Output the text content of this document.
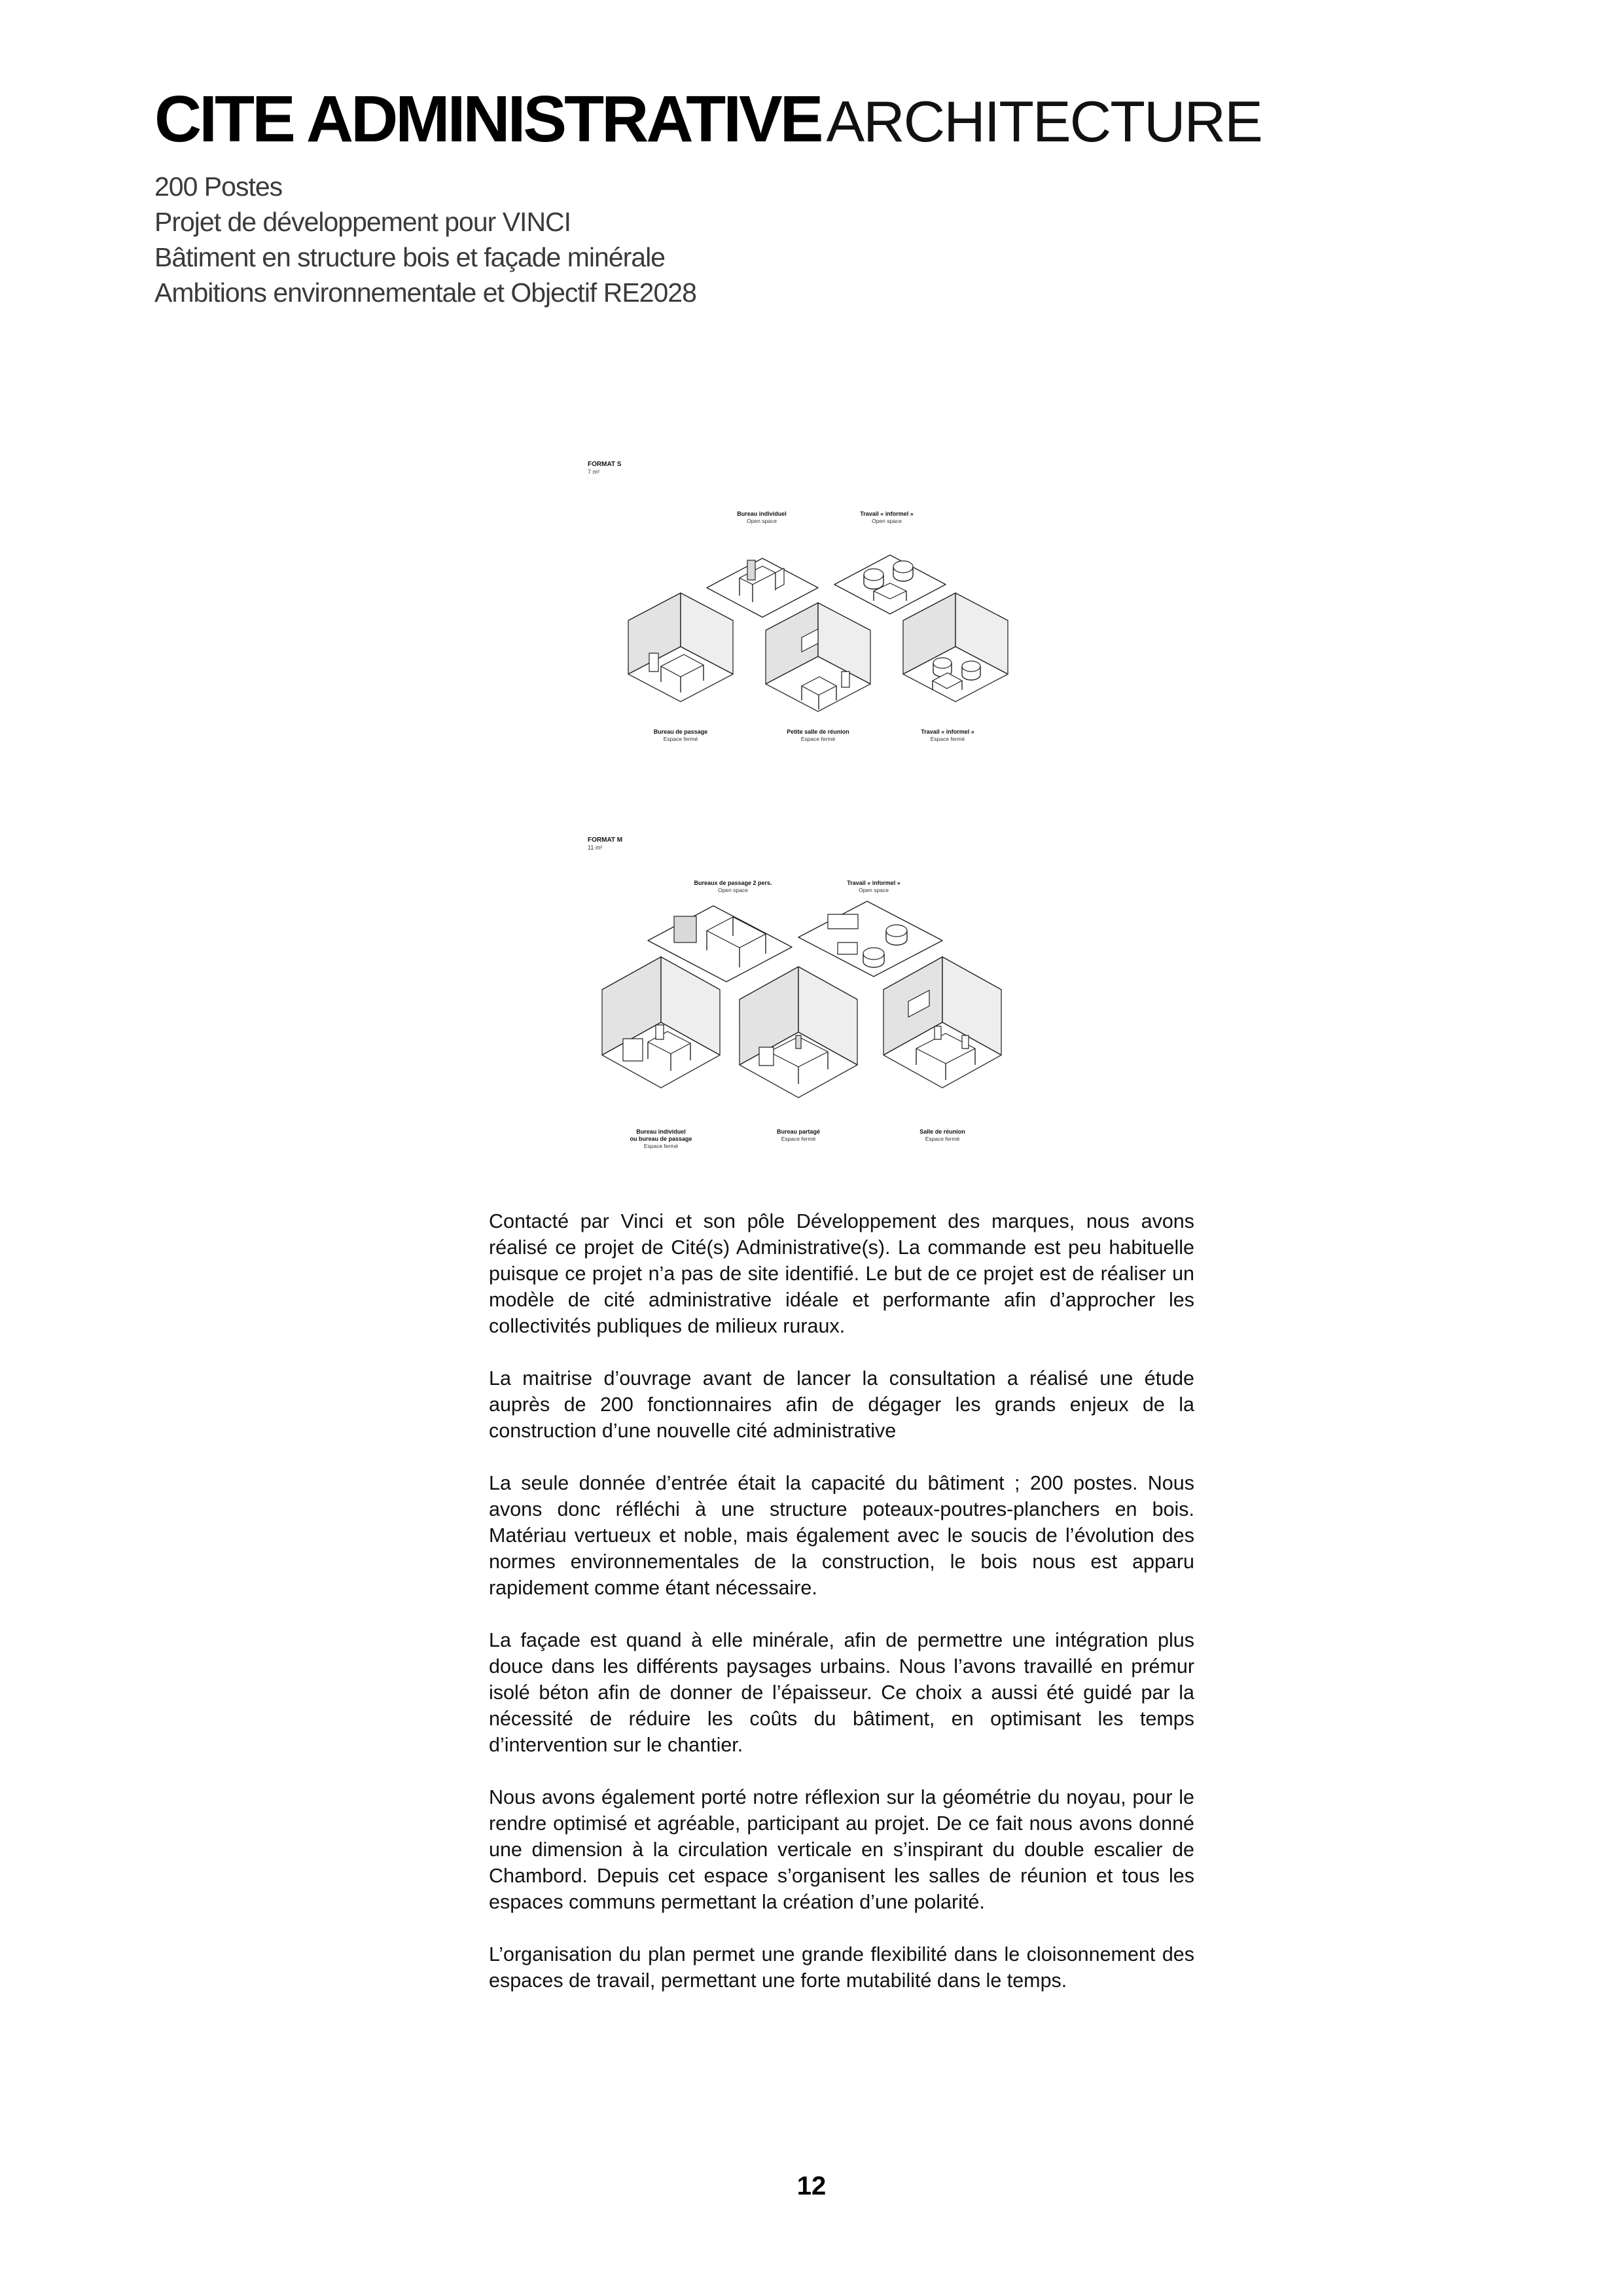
CITE ADMINISTRATIVEARCHITECTURE
200 Postes
Projet de développement pour VINCI
Bâtiment en structure bois et façade minérale
Ambitions environnementale et Objectif RE2028
FORMAT S
7 m²
Bureau individuel
Open space
Travail « informel »
Open space
Bureau de passage
Espace fermé
Petite salle de réunion
Espace fermé
Travail « informel »
Espace fermé
FORMAT M
11 m²
Bureaux de passage 2 pers.
Open space
Travail « informel »
Open space
Bureau individuel
ou bureau de passage
Espace fermé
Bureau partagé
Espace fermé
Salle de réunion
Espace fermé

Contacté par Vinci et son pôle Développement des marques, nous avons réalisé ce projet de Cité(s) Administrative(s). La commande est peu habituelle puisque ce projet n’a pas de site identifié. Le but de ce projet est de réaliser un modèle de cité administrative idéale et performante afin d’approcher les collectivités publiques de milieux ruraux.

La maitrise d’ouvrage avant de lancer la consultation a réalisé une étude auprès de 200 fonctionnaires afin de dégager les grands enjeux de la construction d’une nouvelle cité administrative

La seule donnée d’entrée était la capacité du bâtiment ; 200 postes. Nous avons donc réfléchi à une structure poteaux-poutres-planchers en bois. Matériau vertueux et noble, mais également avec le soucis de l’évolution des normes environnementales de la construction, le bois nous est apparu rapidement comme étant nécessaire.

La façade est quand à elle minérale, afin de permettre une intégration plus douce dans les différents paysages urbains. Nous l’avons travaillé en prémur isolé béton afin de donner de l’épaisseur. Ce choix a aussi été guidé par la nécessité de réduire les coûts du bâtiment, en optimisant les temps d’intervention sur le chantier.

Nous avons également porté notre réflexion sur la géométrie du noyau, pour le rendre optimisé et agréable, participant au projet. De ce fait nous avons donné une dimension à la circulation verticale en s’inspirant du double escalier de Chambord. Depuis cet espace s’organisent les salles de réunion et tous les espaces communs permettant la création d’une polarité.

L’organisation du plan permet une grande flexibilité dans le cloisonnement des espaces de travail, permettant une forte mutabilité dans le temps.

12
